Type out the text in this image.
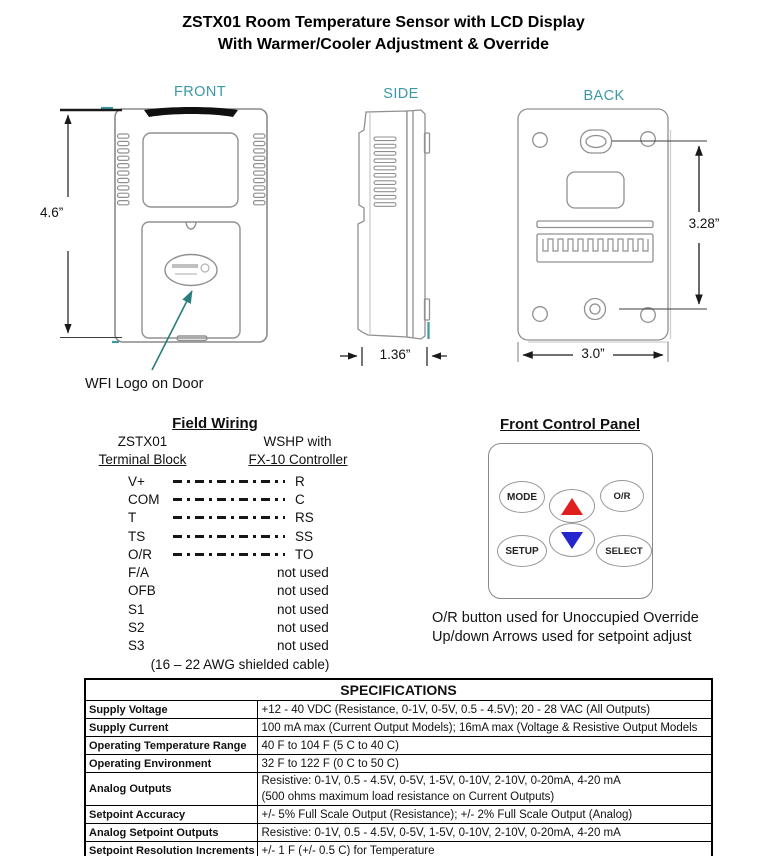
ZSTX01 Room Temperature Sensor with LCD Display
With Warmer/Cooler Adjustment & Override
FRONT	SIDE	BACK
4.6”
1.36”
3.28”
3.0”
WFI Logo on Door
Field Wiring
ZSTX01
Terminal Block
WSHP with
FX-10 Controller
V+	R
COM	C
T	RS
TS	SS
O/R	TO
F/A	not used
OFB	not used
S1	not used
S2	not used
S3	not used
(16 – 22 AWG shielded cable)
Front Control Panel
MODE	O/R
SETUP	SELECT
O/R button used for Unoccupied Override
Up/down Arrows used for setpoint adjust
SPECIFICATIONS	
Supply Voltage	+12 - 40 VDC (Resistance, 0-1V, 0-5V, 0.5 - 4.5V); 20 - 28 VAC (All Outputs)
Supply Current	100 mA max (Current Output Models); 16mA max (Voltage & Resistive Output Models
Operating Temperature Range	40 F to 104 F (5 C to 40 C)
Operating Environment	32 F to 122 F (0 C to 50 C)
Analog Outputs	Resistive: 0-1V, 0.5 - 4.5V, 0-5V, 1-5V, 0-10V, 2-10V, 0-20mA, 4-20 mA
(500 ohms maximum load resistance on Current Outputs)

Setpoint Accuracy	+/- 5% Full Scale Output (Resistance); +/- 2% Full Scale Output (Analog)
Analog Setpoint Outputs	Resistive: 0-1V, 0.5 - 4.5V, 0-5V, 1-5V, 0-10V, 2-10V, 0-20mA, 4-20 mA
Setpoint Resolution Increments	+/- 1 F (+/- 0.5 C) for Temperature
